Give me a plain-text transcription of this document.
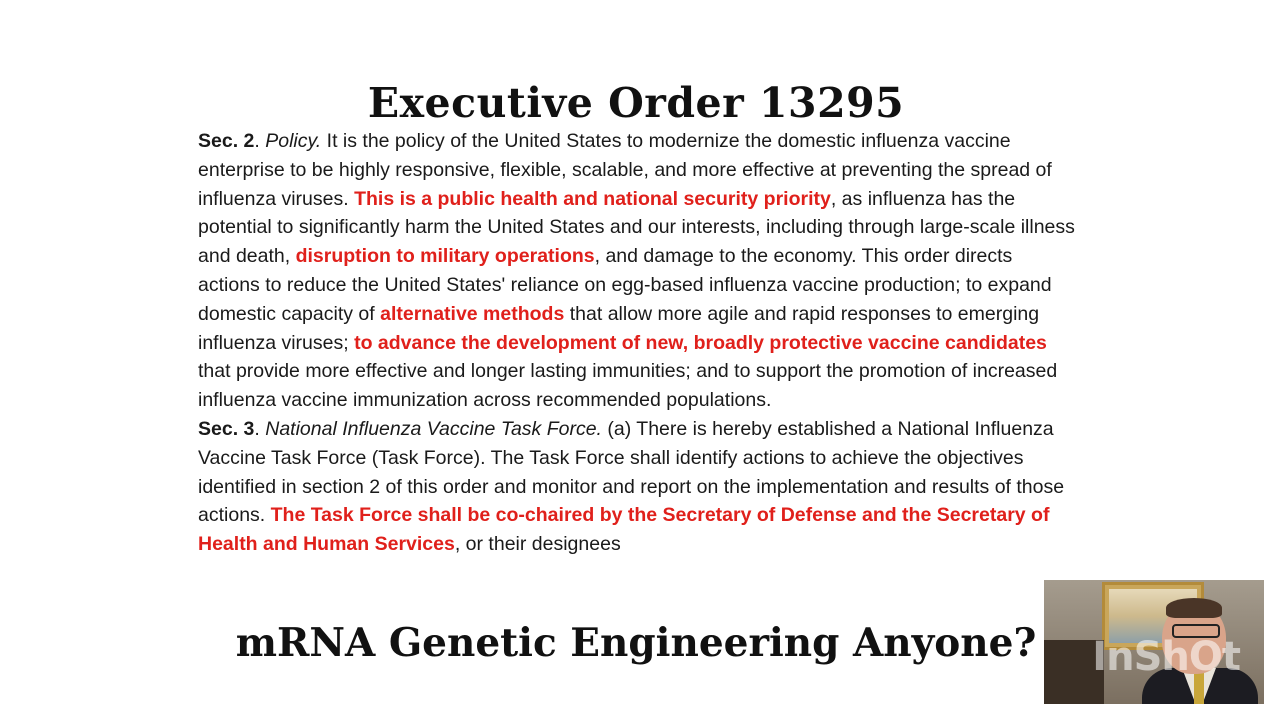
Executive Order 13295

Sec. 2. Policy. It is the policy of the United States to modernize the domestic influenza vaccine enterprise to be highly responsive, flexible, scalable, and more effective at preventing the spread of influenza viruses. This is a public health and national security priority, as influenza has the potential to significantly harm the United States and our interests, including through large-scale illness and death, disruption to military operations, and damage to the economy. This order directs actions to reduce the United States' reliance on egg-based influenza vaccine production; to expand domestic capacity of alternative methods that allow more agile and rapid responses to emerging influenza viruses; to advance the development of new, broadly protective vaccine candidates that provide more effective and longer lasting immunities; and to support the promotion of increased influenza vaccine immunization across recommended populations.

Sec. 3. National Influenza Vaccine Task Force. (a) There is hereby established a National Influenza Vaccine Task Force (Task Force). The Task Force shall identify actions to achieve the objectives identified in section 2 of this order and monitor and report on the implementation and results of those actions. The Task Force shall be co-chaired by the Secretary of Defense and the Secretary of Health and Human Services, or their designees

mRNA Genetic Engineering Anyone?	InShOt
